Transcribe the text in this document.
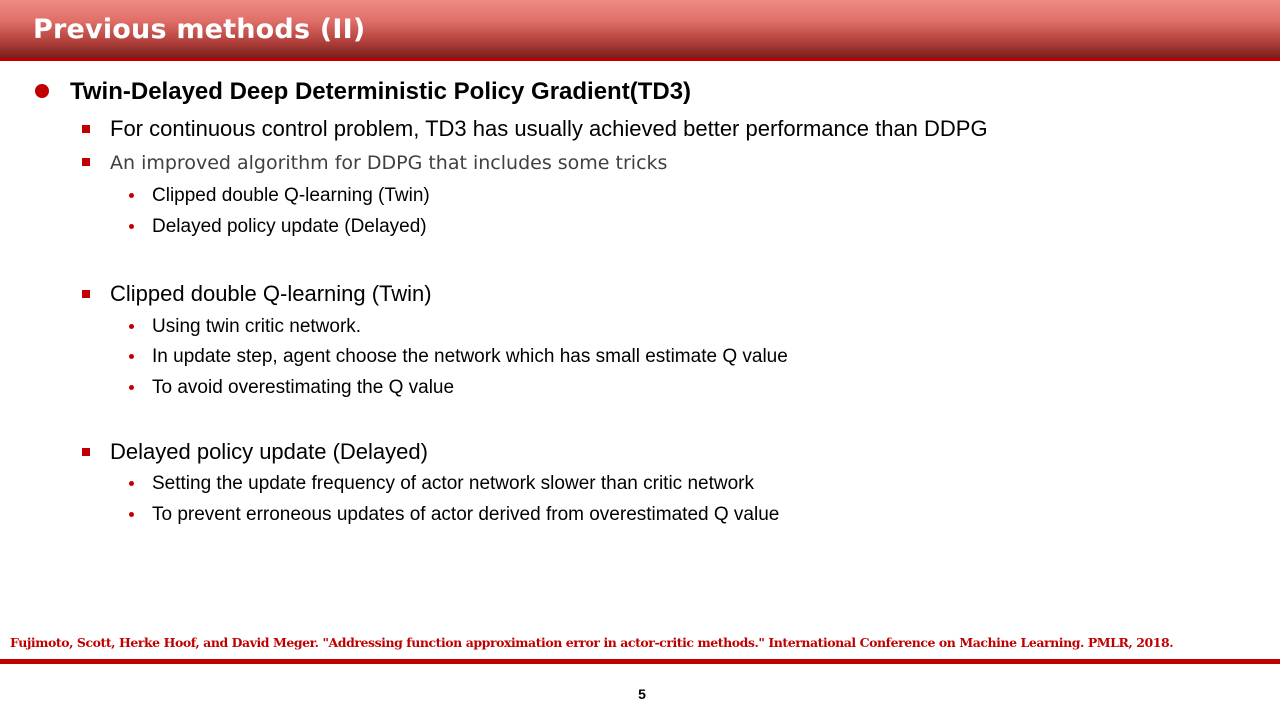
Previous methods (II)
Twin-Delayed Deep Deterministic Policy Gradient(TD3)
For continuous control problem, TD3 has usually achieved better performance than DDPG
An improved algorithm for DDPG that includes some tricks
Clipped double Q-learning (Twin)
Delayed policy update (Delayed)
Clipped double Q-learning (Twin)
Using twin critic network.
In update step, agent choose the network which has small estimate Q value
To avoid overestimating the Q value
Delayed policy update (Delayed)
Setting the update frequency of actor network slower than critic network
To prevent erroneous updates of actor derived from overestimated Q value
Fujimoto, Scott, Herke Hoof, and David Meger. "Addressing function approximation error in actor-critic methods." International Conference on Machine Learning. PMLR, 2018.
5
